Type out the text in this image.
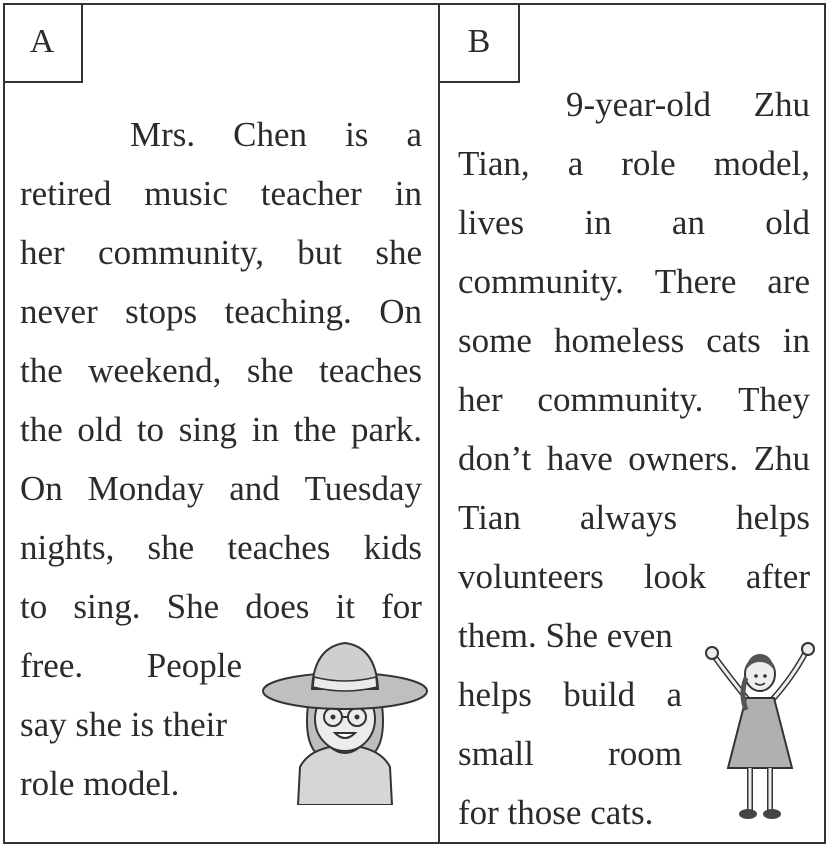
A	B
Mrs. Chen is a
retired music teacher in
her community, but she
never stops teaching. On
the weekend, she teaches
the old to sing in the park.
On Monday and Tuesday
nights, she teaches kids
to sing. She does it for
free. People
say she is their
role model.
9-year-old Zhu
Tian, a role model,
lives in an old
community. There are
some homeless cats in
her community. They
don’t have owners. Zhu
Tian always helps
volunteers look after
them. She even
helps build a
small room
for those cats.
